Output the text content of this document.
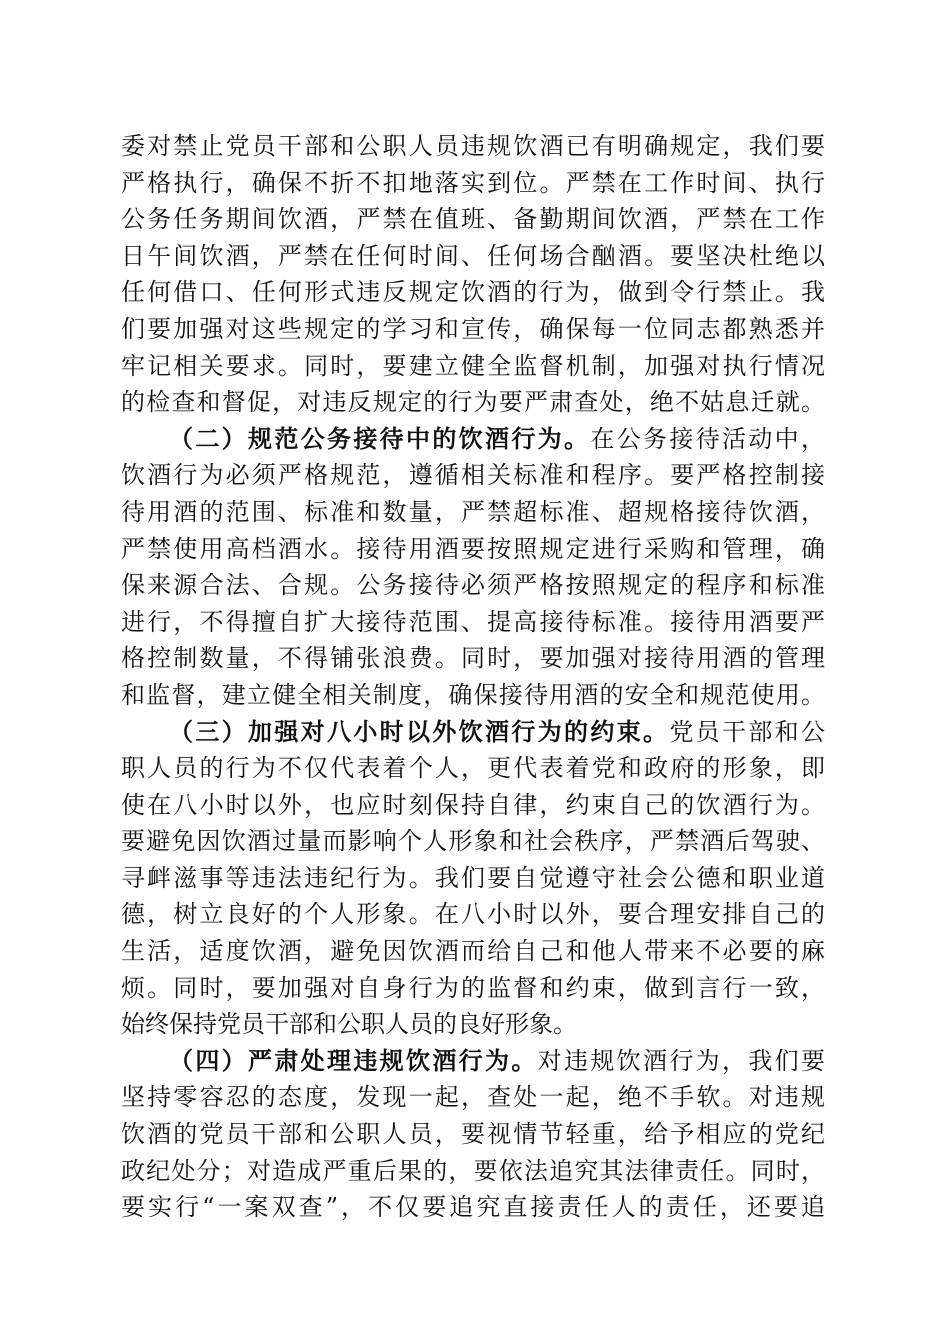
委对禁止党员干部和公职人员违规饮酒已有明确规定，我们要
严格执行，确保不折不扣地落实到位。严禁在工作时间、执行
公务任务期间饮酒，严禁在值班、备勤期间饮酒，严禁在工作
日午间饮酒，严禁在任何时间、任何场合酗酒。要坚决杜绝以
任何借口、任何形式违反规定饮酒的行为，做到令行禁止。我
们要加强对这些规定的学习和宣传，确保每一位同志都熟悉并
牢记相关要求。同时，要建立健全监督机制，加强对执行情况
的检查和督促，对违反规定的行为要严肃查处，绝不姑息迁就。
（二）规范公务接待中的饮酒行为。在公务接待活动中，
饮酒行为必须严格规范，遵循相关标准和程序。要严格控制接
待用酒的范围、标准和数量，严禁超标准、超规格接待饮酒，
严禁使用高档酒水。接待用酒要按照规定进行采购和管理，确
保来源合法、合规。公务接待必须严格按照规定的程序和标准
进行，不得擅自扩大接待范围、提高接待标准。接待用酒要严
格控制数量，不得铺张浪费。同时，要加强对接待用酒的管理
和监督，建立健全相关制度，确保接待用酒的安全和规范使用。
（三）加强对八小时以外饮酒行为的约束。党员干部和公
职人员的行为不仅代表着个人，更代表着党和政府的形象，即
使在八小时以外，也应时刻保持自律，约束自己的饮酒行为。
要避免因饮酒过量而影响个人形象和社会秩序，严禁酒后驾驶、
寻衅滋事等违法违纪行为。我们要自觉遵守社会公德和职业道
德，树立良好的个人形象。在八小时以外，要合理安排自己的
生活，适度饮酒，避免因饮酒而给自己和他人带来不必要的麻
烦。同时，要加强对自身行为的监督和约束，做到言行一致，
始终保持党员干部和公职人员的良好形象。
（四）严肃处理违规饮酒行为。对违规饮酒行为，我们要
坚持零容忍的态度，发现一起，查处一起，绝不手软。对违规
饮酒的党员干部和公职人员，要视情节轻重，给予相应的党纪
政纪处分；对造成严重后果的，要依法追究其法律责任。同时，
要实行“一案双查”，不仅要追究直接责任人的责任，还要追
